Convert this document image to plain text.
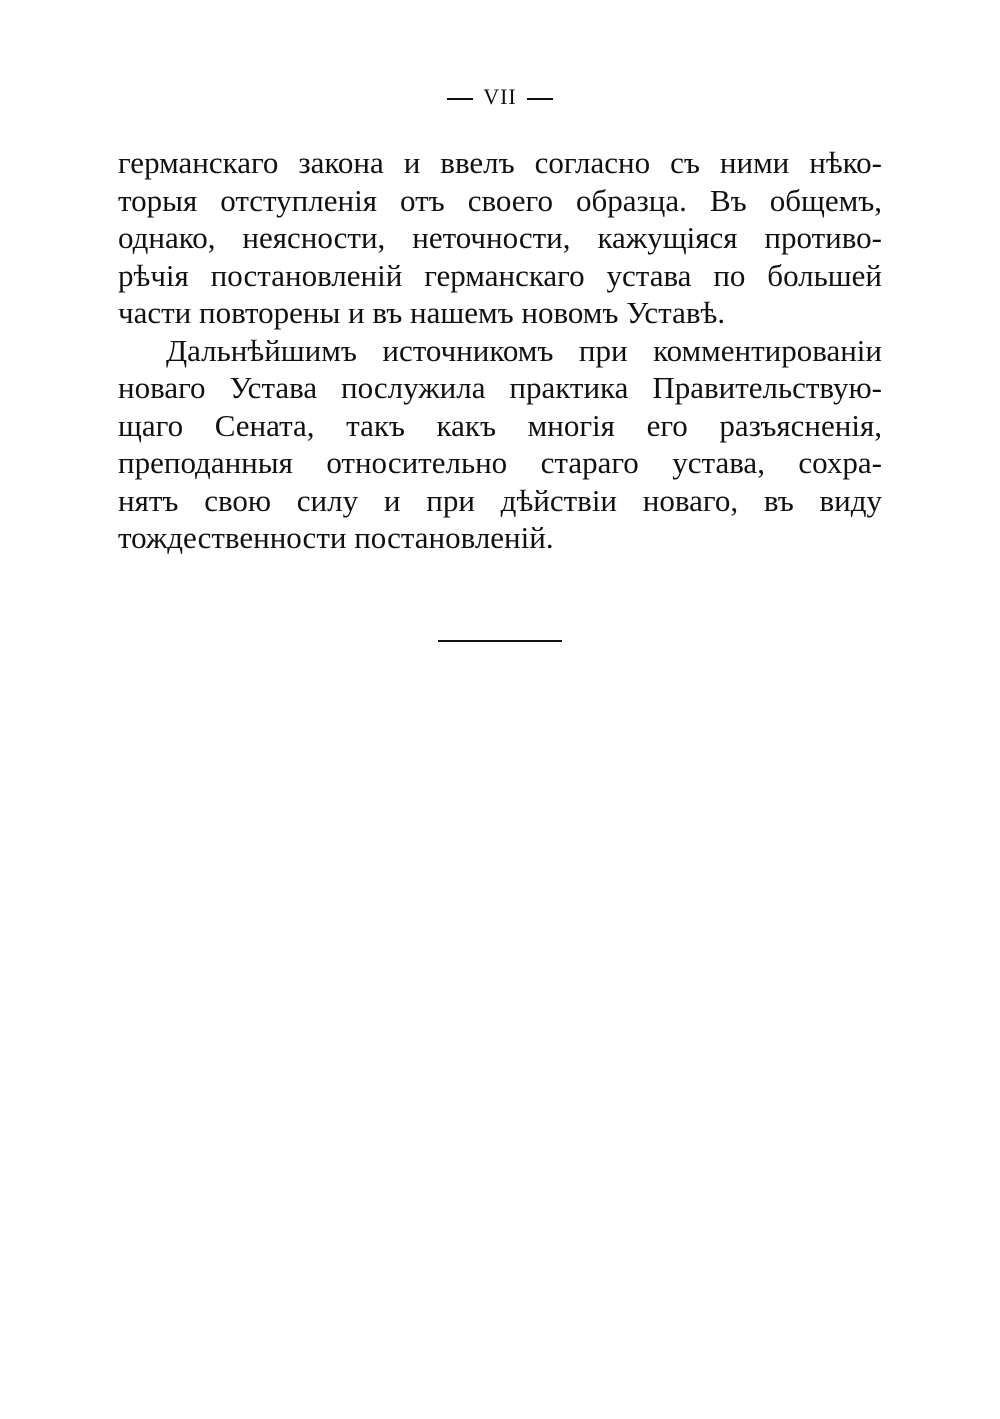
VII
германскаго закона и ввелъ согласно съ ними нѣко-
торыя отступленія отъ своего образца. Въ общемъ,
однако, неясности, неточности, кажущіяся противо-
рѣчія постановленій германскаго устава по большей
части повторены и въ нашемъ новомъ Уставѣ.
Дальнѣйшимъ источникомъ при комментированіи
новаго Устава послужила практика Правительствую-
щаго Сената, такъ какъ многія его разъясненія,
преподанныя относительно стараго устава, сохра-
нятъ свою силу и при дѣйствіи новаго, въ виду
тождественности постановленій.
